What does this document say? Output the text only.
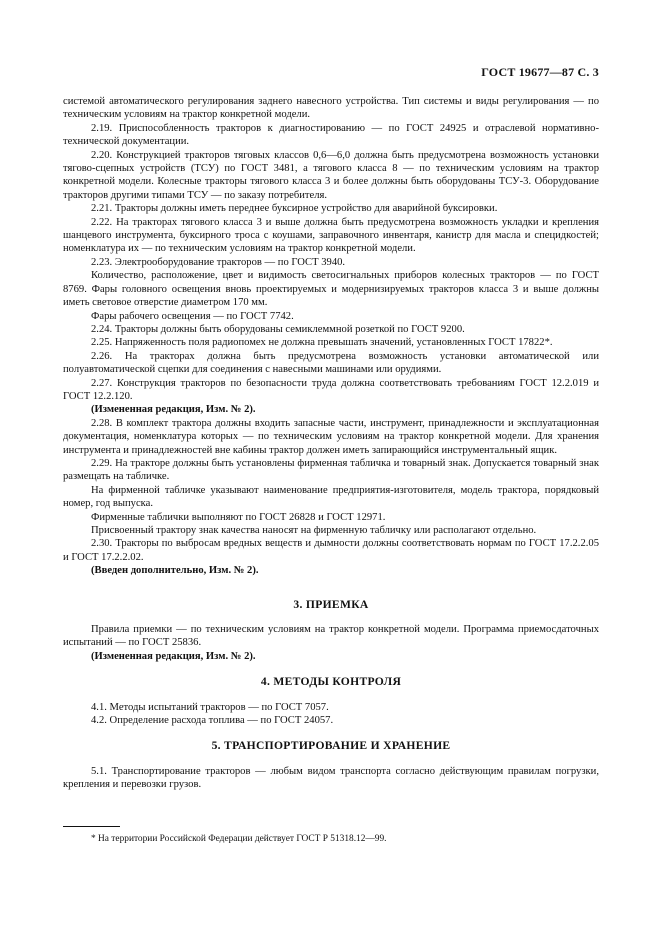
ГОСТ 19677—87 С. 3

системой автоматического регулирования заднего навесного устройства. Тип системы и виды регулирования — по техническим условиям на трактор конкретной модели.

2.19. Приспособленность тракторов к диагностированию — по ГОСТ 24925 и отраслевой нормативно-технической документации.

2.20. Конструкцией тракторов тяговых классов 0,6—6,0 должна быть предусмотрена возможность установки тягово-сцепных устройств (ТСУ) по ГОСТ 3481, а тягового класса 8 — по техническим условиям на трактор конкретной модели. Колесные тракторы тягового класса 3 и более должны быть оборудованы ТСУ-3. Оборудование тракторов другими типами ТСУ — по заказу потребителя.

2.21. Тракторы должны иметь переднее буксирное устройство для аварийной буксировки.

2.22. На тракторах тягового класса 3 и выше должна быть предусмотрена возможность укладки и крепления шанцевого инструмента, буксирного троса с коушами, заправочного инвентаря, канистр для масла и специдкостей; номенклатура их — по техническим условиям на трактор конкретной модели.

2.23. Электрооборудование тракторов — по ГОСТ 3940.

Количество, расположение, цвет и видимость светосигнальных приборов колесных тракторов — по ГОСТ 8769. Фары головного освещения вновь проектируемых и модернизируемых тракторов класса 3 и выше должны иметь световое отверстие диаметром 170 мм.

Фары рабочего освещения — по ГОСТ 7742.

2.24. Тракторы должны быть оборудованы семиклеммной розеткой по ГОСТ 9200.

2.25. Напряженность поля радиопомех не должна превышать значений, установленных ГОСТ 17822*.

2.26. На тракторах должна быть предусмотрена возможность установки автоматической или полуавтоматической сцепки для соединения с навесными машинами или орудиями.

2.27. Конструкция тракторов по безопасности труда должна соответствовать требованиям ГОСТ 12.2.019 и ГОСТ 12.2.120.

(Измененная редакция, Изм. № 2).

2.28. В комплект трактора должны входить запасные части, инструмент, принадлежности и эксплуатационная документация, номенклатура которых — по техническим условиям на трактор конкретной модели. Для хранения инструмента и принадлежностей вне кабины трактор должен иметь запирающийся инструментальный ящик.

2.29. На тракторе должны быть установлены фирменная табличка и товарный знак. Допускается товарный знак размещать на табличке.

На фирменной табличке указывают наименование предприятия-изготовителя, модель трактора, порядковый номер, год выпуска.

Фирменные таблички выполняют по ГОСТ 26828 и ГОСТ 12971.

Присвоенный трактору знак качества наносят на фирменную табличку или располагают отдельно.

2.30. Тракторы по выбросам вредных веществ и дымности должны соответствовать нормам по ГОСТ 17.2.2.05 и ГОСТ 17.2.2.02.

(Введен дополнительно, Изм. № 2).

3. ПРИЕМКА

Правила приемки — по техническим условиям на трактор конкретной модели. Программа приемосдаточных испытаний — по ГОСТ 25836.

(Измененная редакция, Изм. № 2).

4. МЕТОДЫ КОНТРОЛЯ

4.1. Методы испытаний тракторов — по ГОСТ 7057.

4.2. Определение расхода топлива — по ГОСТ 24057.

5. ТРАНСПОРТИРОВАНИЕ И ХРАНЕНИЕ

5.1. Транспортирование тракторов — любым видом транспорта согласно действующим правилам погрузки, крепления и перевозки грузов.

* На территории Российской Федерации действует ГОСТ Р 51318.12—99.
